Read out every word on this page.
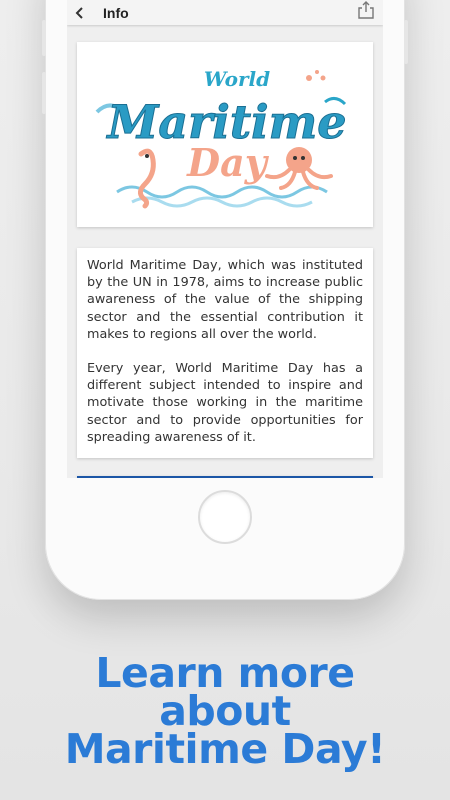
Info
World
Maritime
Day

World Maritime Day, which was instituted by the UN in 1978, aims to increase public awareness of the value of the shipping sector and the essential contribution it makes to regions all over the world.

Every year, World Maritime Day has a different subject intended to inspire and motivate those working in the maritime sector and to provide opportunities for spreading awareness of it.

Learn more
about
Maritime Day!
